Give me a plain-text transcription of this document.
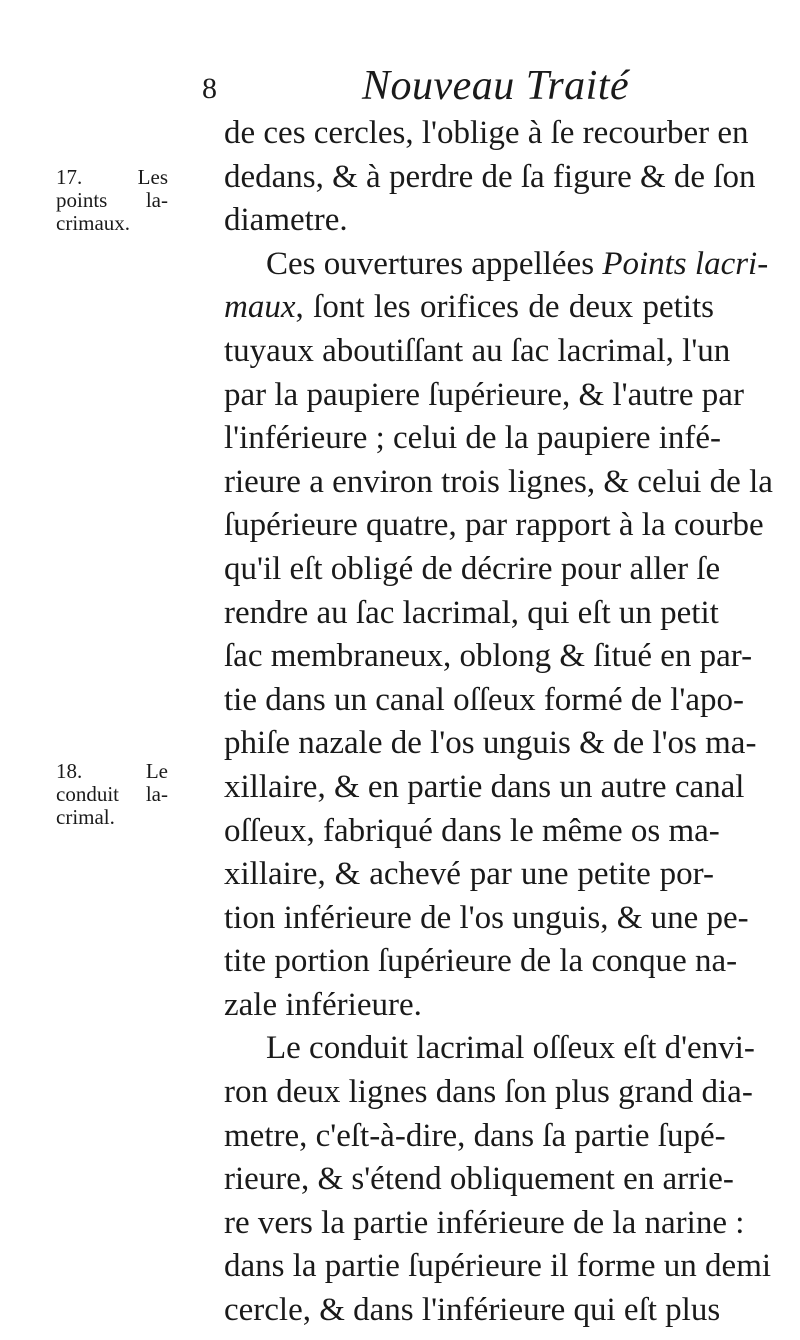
8	Nouveau Traité
17. Les
points la-
crimaux.
18. Le
conduit la-
crimal.
de ces cercles, l'oblige à ſe recourber en
dedans, & à perdre de ſa figure & de ſon
diametre.
Ces ouvertures appellées Points lacri-
maux, ſont les orifices de deux petits
tuyaux aboutiſſant au ſac lacrimal, l'un
par la paupiere ſupérieure, & l'autre par
l'inférieure ; celui de la paupiere infé-
rieure a environ trois lignes, & celui de la
ſupérieure quatre, par rapport à la courbe
qu'il eſt obligé de décrire pour aller ſe
rendre au ſac lacrimal, qui eſt un petit
ſac membraneux, oblong & ſitué en par-
tie dans un canal oſſeux formé de l'apo-
phiſe nazale de l'os unguis & de l'os ma-
xillaire, & en partie dans un autre canal
oſſeux, fabriqué dans le même os ma-
xillaire, & achevé par une petite por-
tion inférieure de l'os unguis, & une pe-
tite portion ſupérieure de la conque na-
zale inférieure.
Le conduit lacrimal oſſeux eſt d'envi-
ron deux lignes dans ſon plus grand dia-
metre, c'eſt-à-dire, dans ſa partie ſupé-
rieure, & s'étend obliquement en arrie-
re vers la partie inférieure de la narine :
dans la partie ſupérieure il forme un demi
cercle, & dans l'inférieure qui eſt plus
